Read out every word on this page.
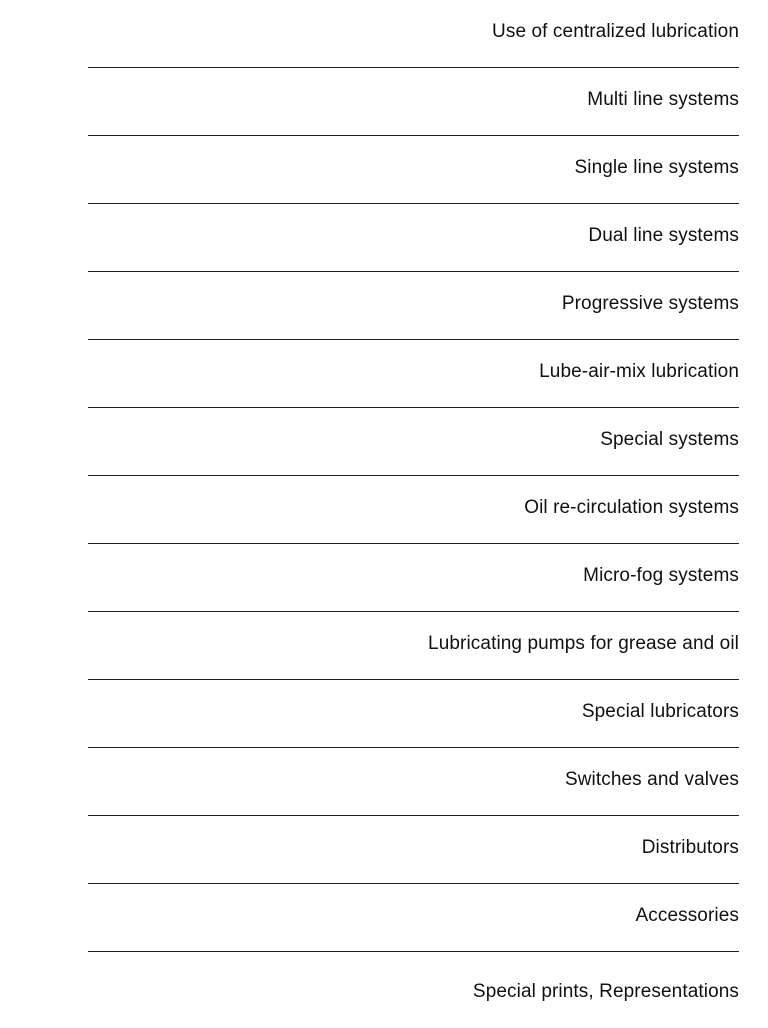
Use of centralized lubrication
Multi line systems
Single line systems
Dual line systems
Progressive systems
Lube-air-mix lubrication
Special systems
Oil re-circulation systems
Micro-fog systems
Lubricating pumps for grease and oil
Special lubricators
Switches and valves
Distributors
Accessories
Special prints, Representations
